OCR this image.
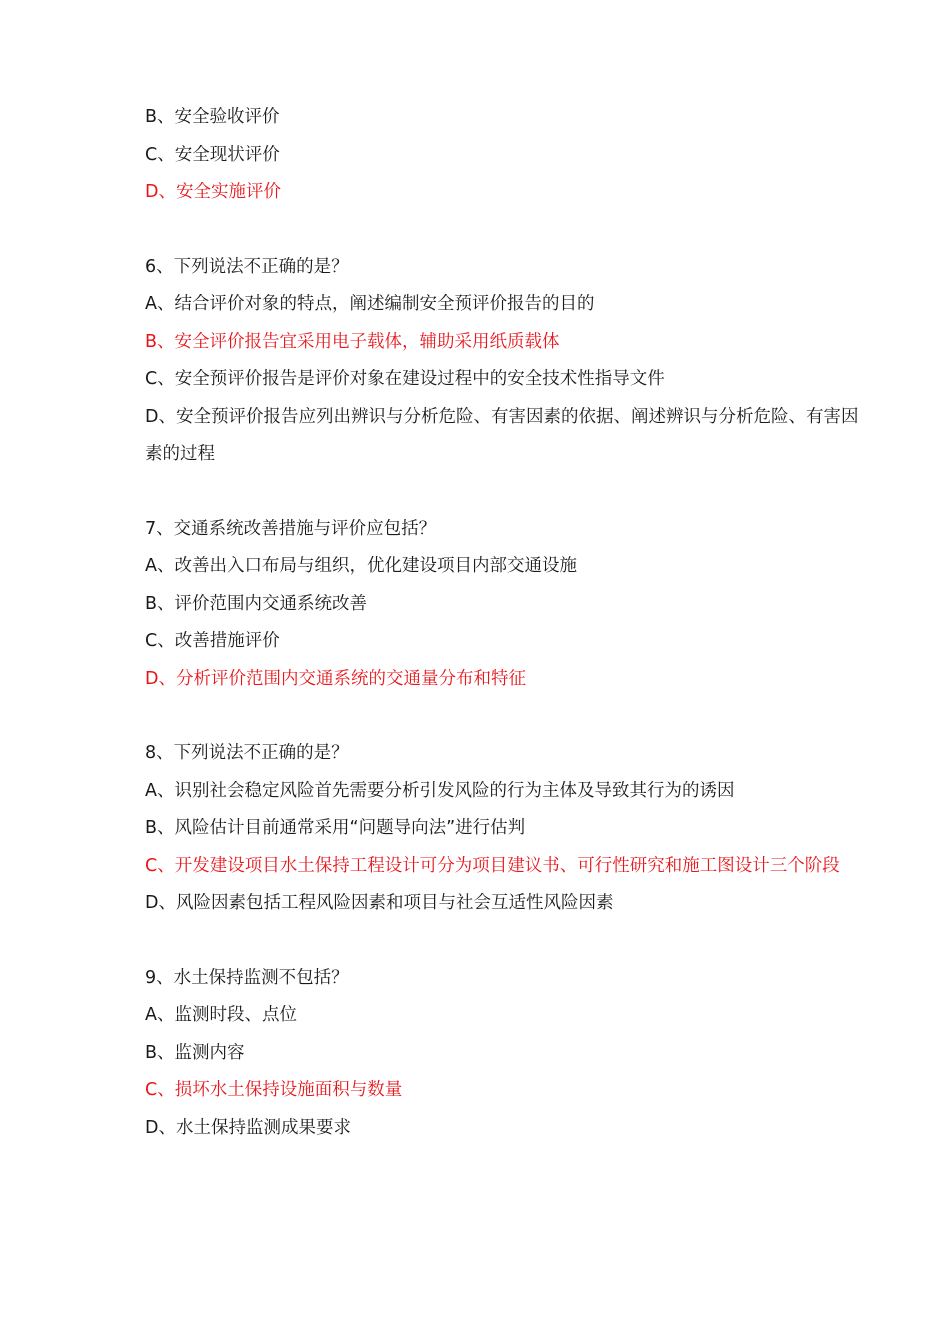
B、安全验收评价

C、安全现状评价

D、安全实施评价

6、下列说法不正确的是？

A、结合评价对象的特点，阐述编制安全预评价报告的目的

B、安全评价报告宜采用电子载体，辅助采用纸质载体

C、安全预评价报告是评价对象在建设过程中的安全技术性指导文件

D、安全预评价报告应列出辨识与分析危险、有害因素的依据、阐述辨识与分析危险、有害因素的过程

7、交通系统改善措施与评价应包括？

A、改善出入口布局与组织，优化建设项目内部交通设施

B、评价范围内交通系统改善

C、改善措施评价

D、分析评价范围内交通系统的交通量分布和特征

8、下列说法不正确的是？

A、识别社会稳定风险首先需要分析引发风险的行为主体及导致其行为的诱因

B、风险估计目前通常采用“问题导向法”进行估判

C、开发建设项目水土保持工程设计可分为项目建议书、可行性研究和施工图设计三个阶段

D、风险因素包括工程风险因素和项目与社会互适性风险因素

9、水土保持监测不包括？

A、监测时段、点位

B、监测内容

C、损坏水土保持设施面积与数量

D、水土保持监测成果要求
